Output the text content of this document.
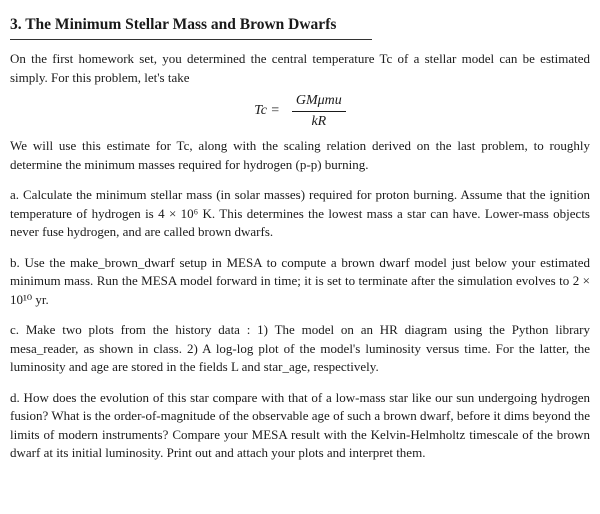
3. The Minimum Stellar Mass and Brown Dwarfs

On the first homework set, you determined the central temperature Tc of a stellar model can be estimated simply. For this problem, let's take

$Tc = \frac{\text{GMμmu}}{kR}$

We will use this estimate for Tc, along with the scaling relation derived on the last problem, to roughly determine the minimum masses required for hydrogen (p-p) burning.

a. Calculate the minimum stellar mass (in solar masses) required for proton burning. Assume that the ignition temperature of hydrogen is 4 × 10⁶ K. This determines the lowest mass a star can have. Lower-mass objects never fuse hydrogen, and are called brown dwarfs.

b. Use the make_brown_dwarf setup in MESA to compute a brown dwarf model just below your estimated minimum mass. Run the MESA model forward in time; it is set to terminate after the simulation evolves to 2 × 10¹⁰ yr.

c. Make two plots from the history data : 1) The model on an HR diagram using the Python library mesa_reader, as shown in class. 2) A log-log plot of the model's luminosity versus time. For the latter, the luminosity and age are stored in the fields L and star_age, respectively.

d. How does the evolution of this star compare with that of a low-mass star like our sun undergoing hydrogen fusion? What is the order-of-magnitude of the observable age of such a brown dwarf, before it dims beyond the limits of modern instruments? Compare your MESA result with the Kelvin-Helmholtz timescale of the brown dwarf at its initial luminosity. Print out and attach your plots and interpret them.
